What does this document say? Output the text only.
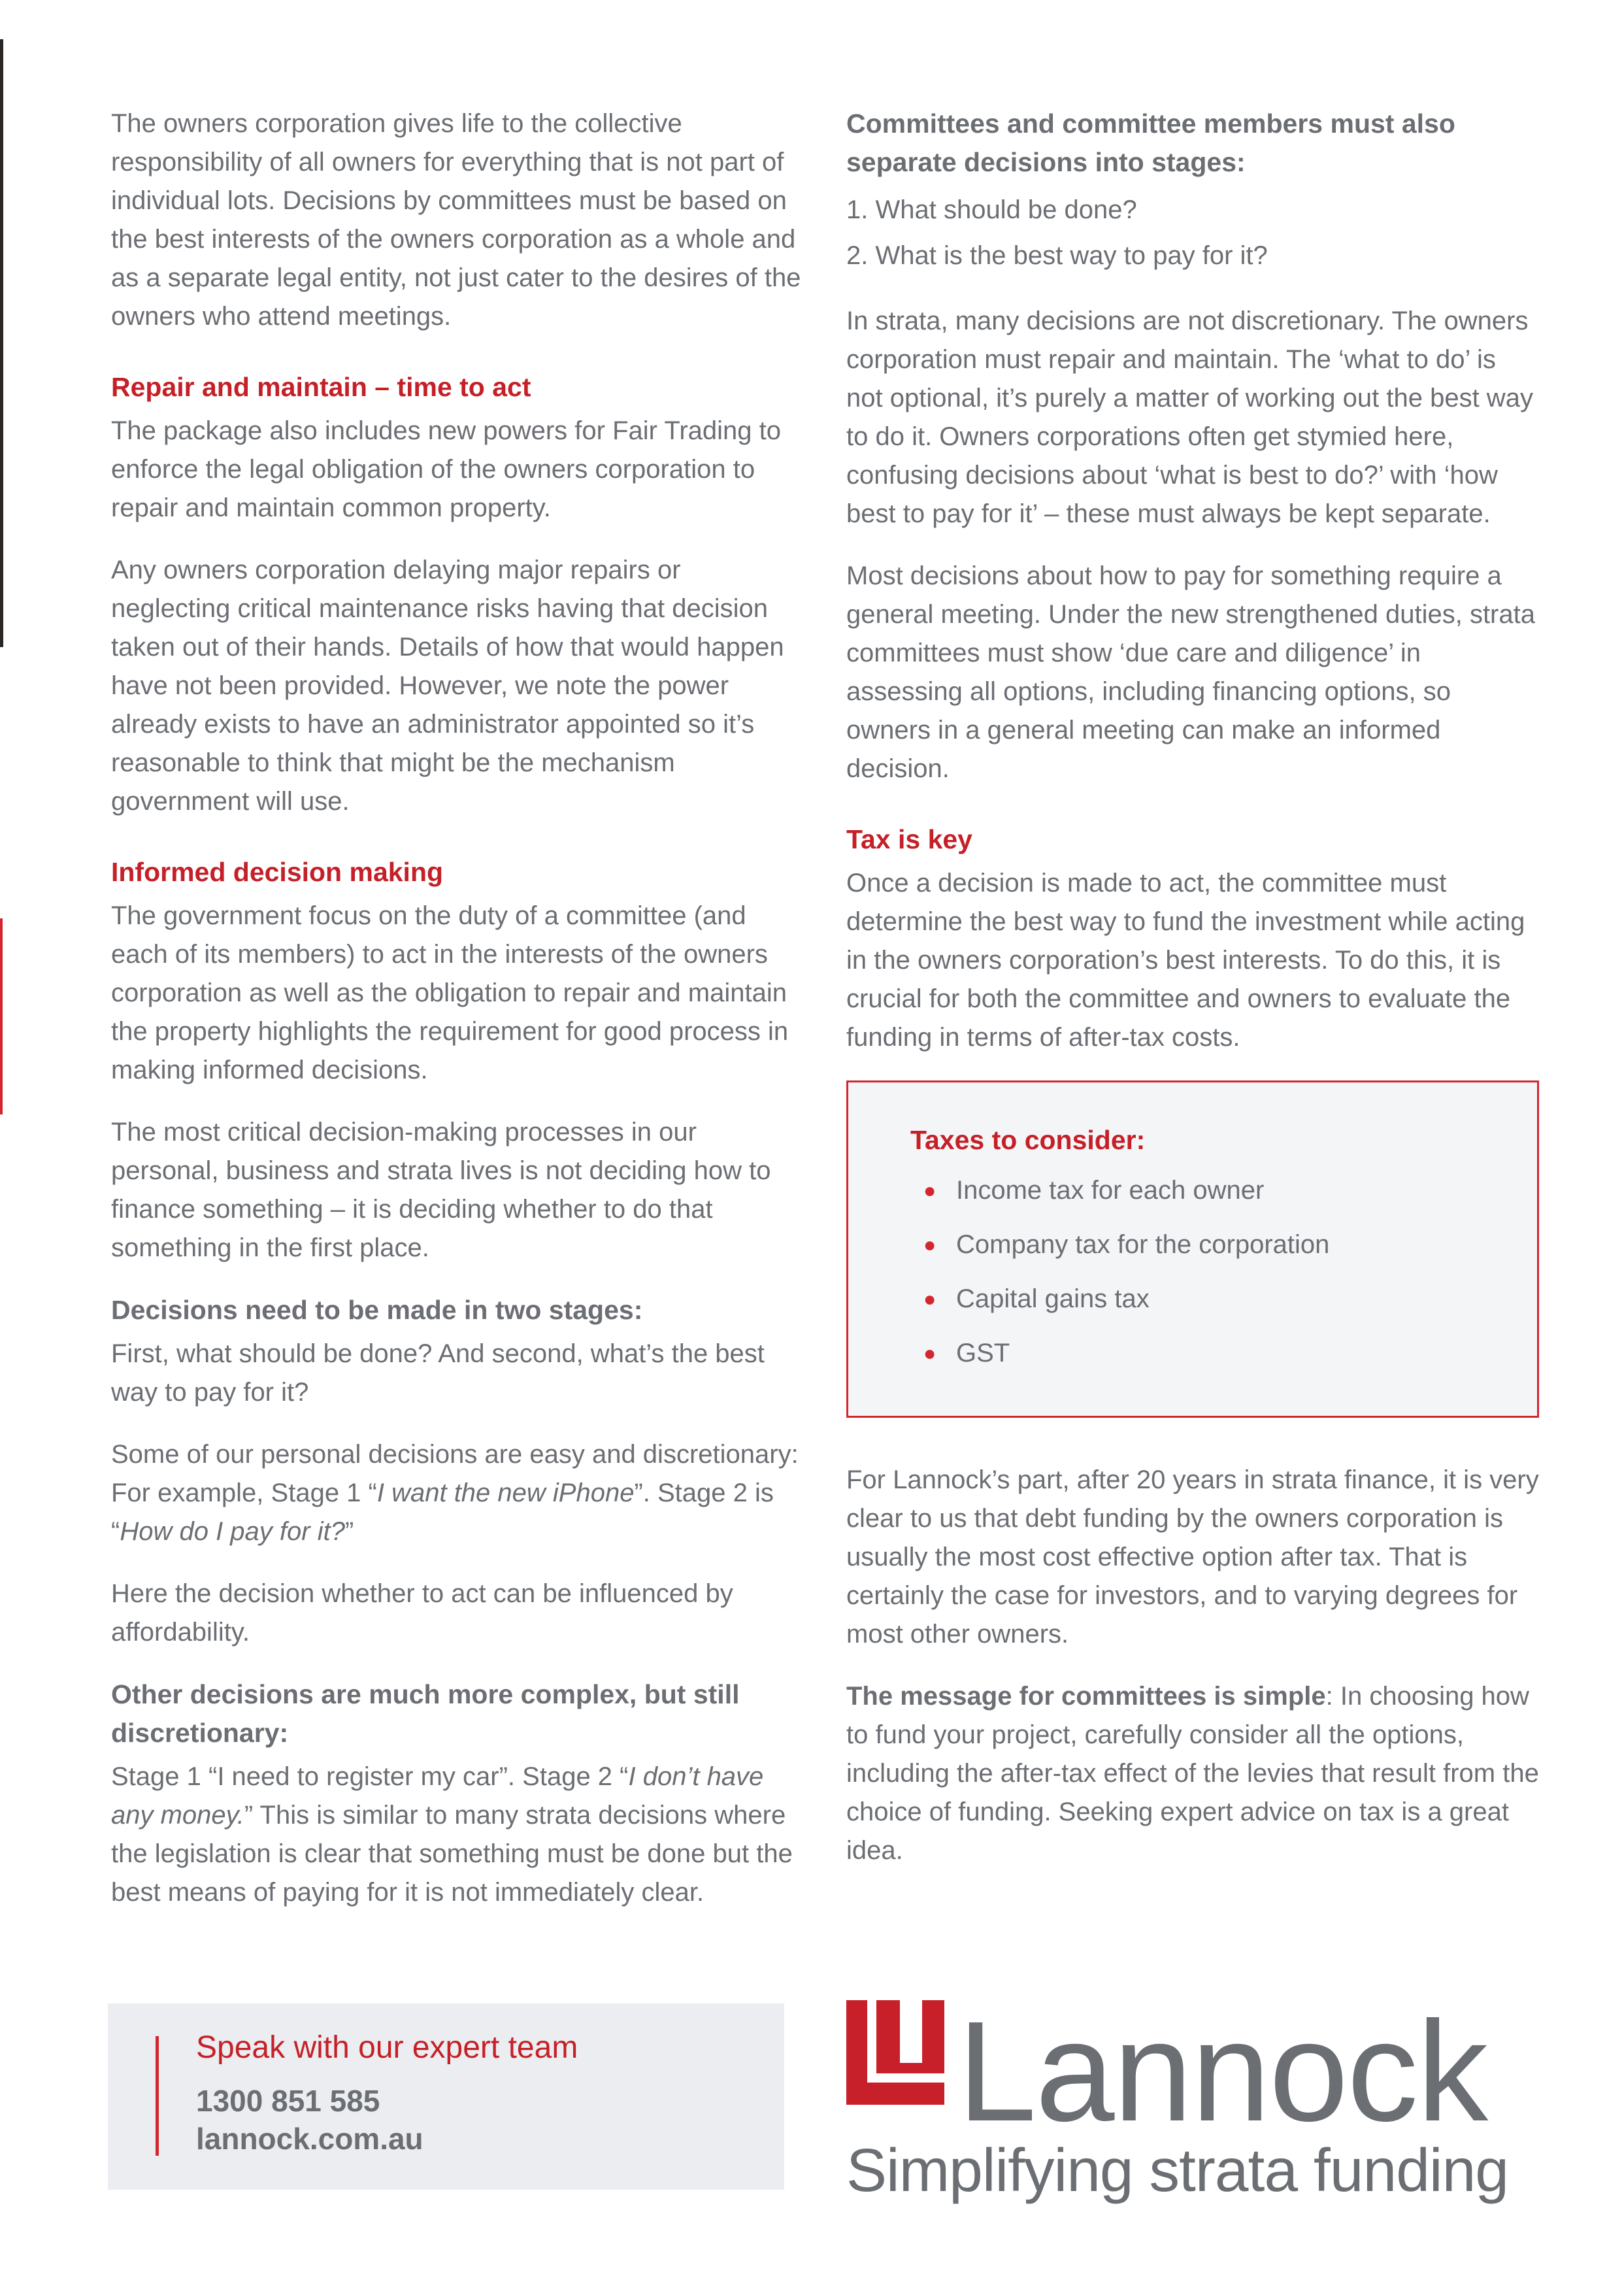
The owners corporation gives life to the collective responsibility of all owners for everything that is not part of individual lots. Decisions by committees must be based on the best interests of the owners corporation as a whole and as a separate legal entity, not just cater to the desires of the owners who attend meetings.

Repair and maintain – time to act

The package also includes new powers for Fair Trading to enforce the legal obligation of the owners corporation to repair and maintain common property.

Any owners corporation delaying major repairs or neglecting critical maintenance risks having that decision taken out of their hands. Details of how that would happen have not been provided. However, we note the power already exists to have an administrator appointed so it’s reasonable to think that might be the mechanism government will use.

Informed decision making

The government focus on the duty of a committee (and each of its members) to act in the interests of the owners corporation as well as the obligation to repair and maintain the property highlights the requirement for good process in making informed decisions.

The most critical decision-making processes in our personal, business and strata lives is not deciding how to finance something – it is deciding whether to do that something in the first place.

Decisions need to be made in two stages:

First, what should be done? And second, what’s the best way to pay for it?

Some of our personal decisions are easy and discretionary: For example, Stage 1 “I want the new iPhone”. Stage 2 is “How do I pay for it?”

Here the decision whether to act can be influenced by affordability.

Other decisions are much more complex, but still discretionary:

Stage 1 “I need to register my car”. Stage 2 “I don’t have any money.” This is similar to many strata decisions where the legislation is clear that something must be done but the best means of paying for it is not immediately clear.

Committees and committee members must also separate decisions into stages:
1. What should be done?
2. What is the best way to pay for it?

In strata, many decisions are not discretionary. The owners corporation must repair and maintain. The ‘what to do’ is not optional, it’s purely a matter of working out the best way to do it. Owners corporations often get stymied here, confusing decisions about ‘what is best to do?’ with ‘how best to pay for it’ – these must always be kept separate.

Most decisions about how to pay for something require a general meeting. Under the new strengthened duties, strata committees must show ‘due care and diligence’ in assessing all options, including financing options, so owners in a general meeting can make an informed decision.

Tax is key

Once a decision is made to act, the committee must determine the best way to fund the investment while acting in the owners corporation’s best interests. To do this, it is crucial for both the committee and owners to evaluate the funding in terms of after-tax costs.

Taxes to consider:
● Income tax for each owner
● Company tax for the corporation
● Capital gains tax
● GST

For Lannock’s part, after 20 years in strata finance, it is very clear to us that debt funding by the owners corporation is usually the most cost effective option after tax. That is certainly the case for investors, and to varying degrees for most other owners.

The message for committees is simple: In choosing how to fund your project, carefully consider all the options, including the after-tax effect of the levies that result from the choice of funding. Seeking expert advice on tax is a great idea.

Speak with our expert team
1300 851 585
lannock.com.au	Lannock
Simplifying strata funding
